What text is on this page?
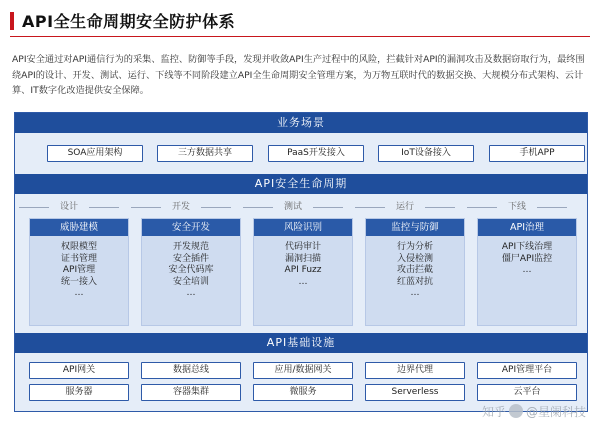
API全生命周期安全防护体系

API安全通过对API通信行为的采集、监控、防御等手段，发现并收敛API生产过程中的风险，拦截针对API的漏洞攻击及数据窃取行为，最终围绕API的设计、开发、测试、运行、下线等不同阶段建立API全生命周期安全管理方案，为万物互联时代的数据交换、大规模分布式架构、云计算、IT数字化改造提供安全保障。

业务场景
SOA应用架构	三方数据共享	PaaS开发接入	IoT设备接入	手机APP
API安全生命周期
设计	开发	测试	运行	下线
威胁建模
权限模型
证书管理
API管理
统一接入
…
安全开发
开发规范
安全插件
安全代码库
安全培训
…
风险识别
代码审计
漏洞扫描
API Fuzz
…
监控与防御
行为分析
入侵检测
攻击拦截
红蓝对抗
…
API治理
API下线治理
僵尸API监控
…
API基础设施
API网关	数据总线	应用/数据网关	边界代理	API管理平台
服务器	容器集群	微服务	Serverless	云平台
知乎 @星阑科技
